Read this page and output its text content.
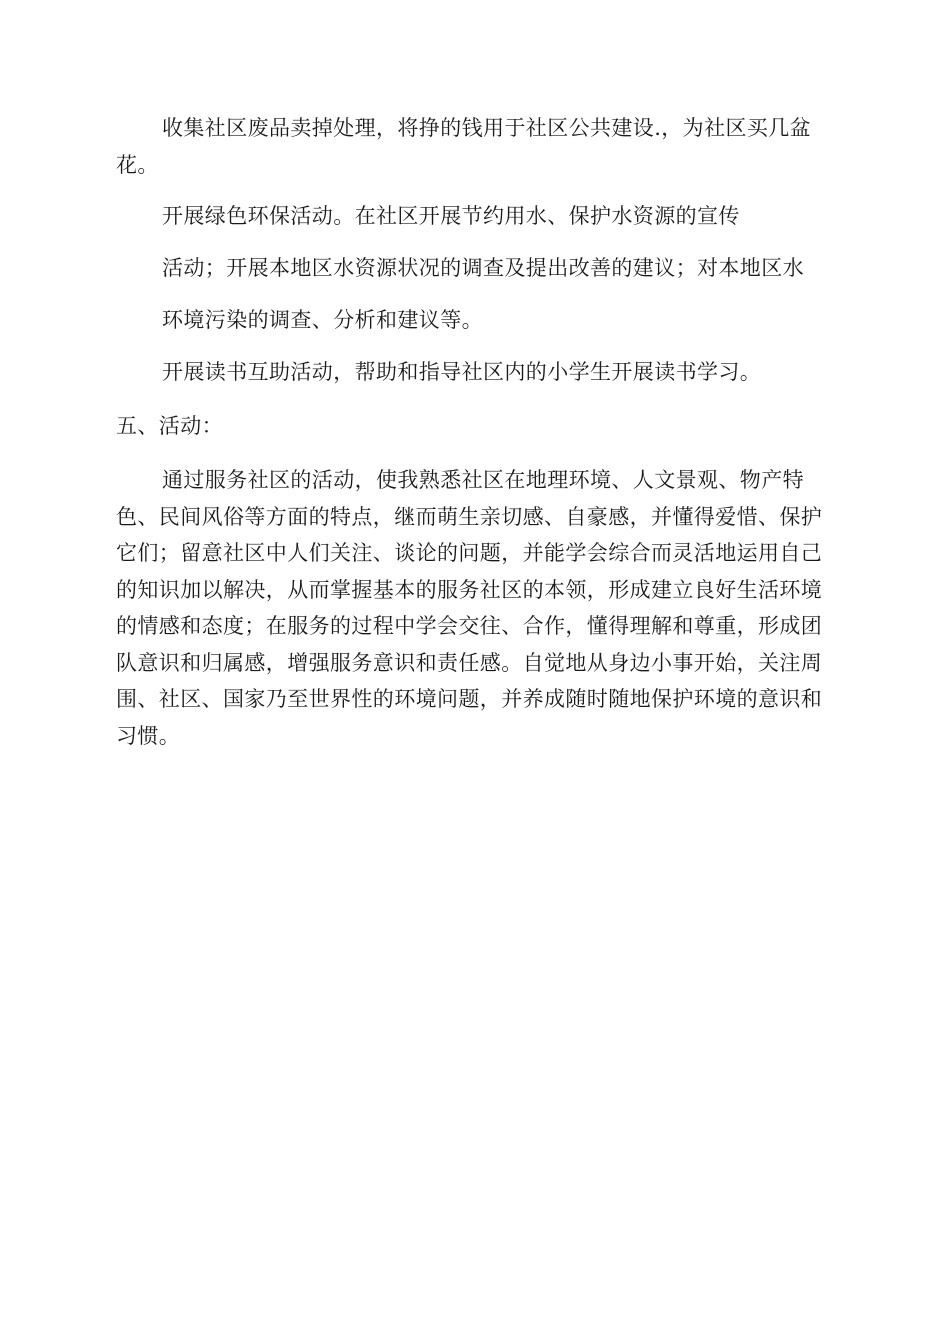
收集社区废品卖掉处理，将挣的钱用于社区公共建设.，为社区买几盆花。

开展绿色环保活动。在社区开展节约用水、保护水资源的宣传

活动；开展本地区水资源状况的调查及提出改善的建议；对本地区水

环境污染的调查、分析和建议等。

开展读书互助活动，帮助和指导社区内的小学生开展读书学习。

五、活动：

通过服务社区的活动，使我熟悉社区在地理环境、人文景观、物产特色、民间风俗等方面的特点，继而萌生亲切感、自豪感，并懂得爱惜、保护它们；留意社区中人们关注、谈论的问题，并能学会综合而灵活地运用自己的知识加以解决，从而掌握基本的服务社区的本领，形成建立良好生活环境的情感和态度；在服务的过程中学会交往、合作，懂得理解和尊重，形成团队意识和归属感，增强服务意识和责任感。自觉地从身边小事开始，关注周围、社区、国家乃至世界性的环境问题，并养成随时随地保护环境的意识和习惯。
